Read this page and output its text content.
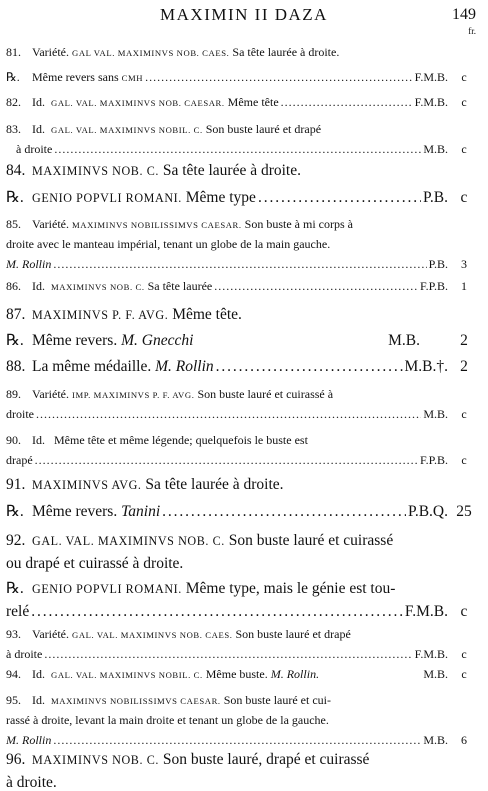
MAXIMIN II DAZA	149
fr.
81. Variété. GAL VAL. MAXIMINVS NOB. CAES. Sa tête laurée à droite.
℞.	Même revers sans
CMH . . .	F.M.B.	c
82. Id.
GAL. VAL. MAXIMINVS NOB. CAESAR.
Même tête . . .	F.M.B.	c
83. Id. GAL. VAL. MAXIMINVS NOBIL. C. Son buste lauré et drapé
à droite . . .	M.B.	c
84. MAXIMINVS NOB. C. Sa tête laurée à droite.
℞. GENIO POPVLI ROMANI.
Même type . . .	P.B. c
85. Variété. MAXIMINVS NOBILISSIMVS CAESAR. Son buste à mi corps à
droite avec le manteau impérial, tenant un globe de la main gauche.
M. Rollin . . .	P.B.	3
86. Id.
MAXIMINVS NOB. C.
Sa tête laurée . . .	F.P.B.	1
87. MAXIMINVS P. F. AVG. Même tête.
℞. Même revers. M. Gnecchi	M.B.	2
88. La même médaille.
M. Rollin . . .	M.B.†. 2
89. Variété. IMP. MAXIMINVS P. F. AVG. Son buste lauré et cuirassé à
droite . . .	M.B.	c
90. Id. Même tête et même légende; quelquefois le buste est
drapé . . .	F.P.B.	c
91. MAXIMINVS AVG. Sa tête laurée à droite.
℞. Même revers.
Tanini . . .	P.B.Q. 25
92. GAL. VAL. MAXIMINVS NOB. C. Son buste lauré et cuirassé
ou drapé et cuirassé à droite.
℞. GENIO POPVLI ROMANI. Même type, mais le génie est tou-
relé . . .	F.M.B. c
93. Variété. GAL. VAL. MAXIMINVS NOB. CAES. Son buste lauré et drapé
à droite . . .	F.M.B.	c
94. Id. GAL. VAL. MAXIMINVS NOBIL. C. Même buste. M. Rollin.	M.B.	c
95. Id. MAXIMINVS NOBILISSIMVS CAESAR. Son buste lauré et cui-
rassé à droite, levant la main droite et tenant un globe de la gauche.
M. Rollin . . .	M.B.	6
96. MAXIMINVS NOB. C. Son buste lauré, drapé et cuirassé
à droite.
